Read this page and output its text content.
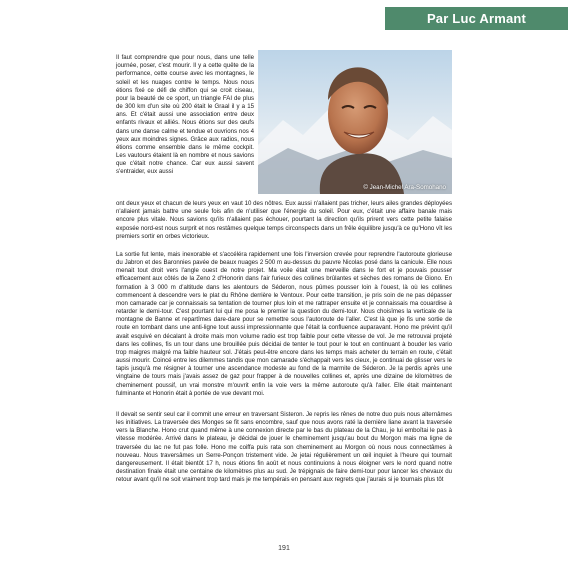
Par Luc Armant

Il faut comprendre que pour nous, dans une telle journée, poser, c'est mourir. Il y a cette quête de la performance, cette course avec les montagnes, le soleil et les nuages contre le temps. Nous nous étions fixé ce défi de chiffon qui se croit ciseau, pour la beauté de ce sport, un triangle FAI de plus de 300 km d'un site où 200 était le Graal il y a 15 ans. Et c'était aussi une association entre deux enfants rivaux et alliés. Nous étions sur des œufs dans une danse calme et tendue et ouvrions nos 4 yeux aux moindres signes. Grâce aux radios, nous étions comme ensemble dans le même cockpit. Les vautours étaient là en nombre et nous savions que c'était notre chance. Car eux aussi savent s'entraider, eux aussi

© Jean-Michel Ara-Somohano

ont deux yeux et chacun de leurs yeux en vaut 10 des nôtres. Eux aussi n'allaient pas tricher, leurs ailes grandes déployées n'allaient jamais battre une seule fois afin de n'utiliser que l'énergie du soleil. Pour eux, c'était une affaire banale mais encore plus vitale. Nous savions qu'ils n'allaient pas échouer, pourtant la direction qu'ils prirent vers cette petite falaise exposée nord-est nous surprit et nos restâmes quelque temps circonspects dans un frêle équilibre jusqu'à ce qu'Hono vît les premiers sortir en orbes victorieux.

La sortie fut lente, mais inexorable et s'accéléra rapidement une fois l'inversion crevée pour reprendre l'autoroute glorieuse du Jabron et des Baronnies pavée de beaux nuages 2 500 m au-dessus du pauvre Nicolas posé dans la canicule. Elle nous menait tout droit vers l'angle ouest de notre projet. Ma voile était une merveille dans le fort et je pouvais pousser efficacement aux côtés de la Zeno 2 d'Honorin dans l'air furieux des collines brûlantes et sèches des romans de Giono. En formation à 3 000 m d'altitude dans les alentours de Séderon, nous pûmes pousser loin à l'ouest, là où les collines commencent à descendre vers le plat du Rhône derrière le Ventoux. Pour cette transition, je pris soin de ne pas dépasser mon camarade car je connaissais sa tentation de tourner plus loin et me rattraper ensuite et je connaissais ma couardise à retarder le demi-tour. C'est pourtant lui qui me posa le premier la question du demi-tour. Nous choisîmes la verticale de la montagne de Banne et repartîmes dare-dare pour se remettre sous l'autoroute de l'aller. C'est là que je fis une sortie de route en tombant dans une anti-ligne tout aussi impressionnante que l'était la confluence auparavant. Hono me prévint qu'il avait esquivé en décalant à droite mais mon volume radio est trop faible pour cette vitesse de vol. Je me retrouvai projeté dans les collines, fis un tour dans une brouillée puis décidai de tenter le tout pour le tout en continuant à bouder les vario trop maigres malgré ma faible hauteur sol. J'étais peut-être encore dans les temps mais acheter du terrain en route, c'était aussi mourir. Coincé entre les dilemmes tandis que mon camarade s'échappait vers les cieux, je continuai de glisser vers le tapis jusqu'à me résigner à tourner une ascendance modeste au fond de la marmite de Séderon. Je la perdis après une vingtaine de tours mais j'avais assez de gaz pour frapper à de nouvelles collines et, après une dizaine de kilomètres de cheminement poussif, un vrai monstre m'ouvrit enfin la voie vers la même autoroute qu'à l'aller. Elle était maintenant fulminante et Honorin était à portée de vue devant moi.

Il devait se sentir seul car il commit une erreur en traversant Sisteron. Je repris les rênes de notre duo puis nous alternâmes les initiatives. La traversée des Monges se fit sans encombre, sauf que nous avons raté la dernière liane avant la traversée vers la Blanche. Hono crut quand même à une connexion directe par le bas du plateau de la Chau, je lui emboîtai le pas à vitesse modérée. Arrivé dans le plateau, je décidai de jouer le cheminement jusqu'au bout du Morgon mais ma ligne de traversée du lac ne fut pas folle. Hono me coiffa puis rata son cheminement au Morgon où nous nous connectâmes à nouveau. Nous traversâmes un Serre-Ponçon tristement vide. Je jetai régulièrement un œil inquiet à l'heure qui tournait dangereusement. Il était bientôt 17 h, nous étions fin août et nous continuions à nous éloigner vers le nord quand notre destination finale était une centaine de kilomètres plus au sud. Je trépignais de faire demi-tour pour lancer les chevaux du retour avant qu'il ne soit vraiment trop tard mais je me tempérais en pensant aux regrets que j'aurais si je tournais plus tôt

191
